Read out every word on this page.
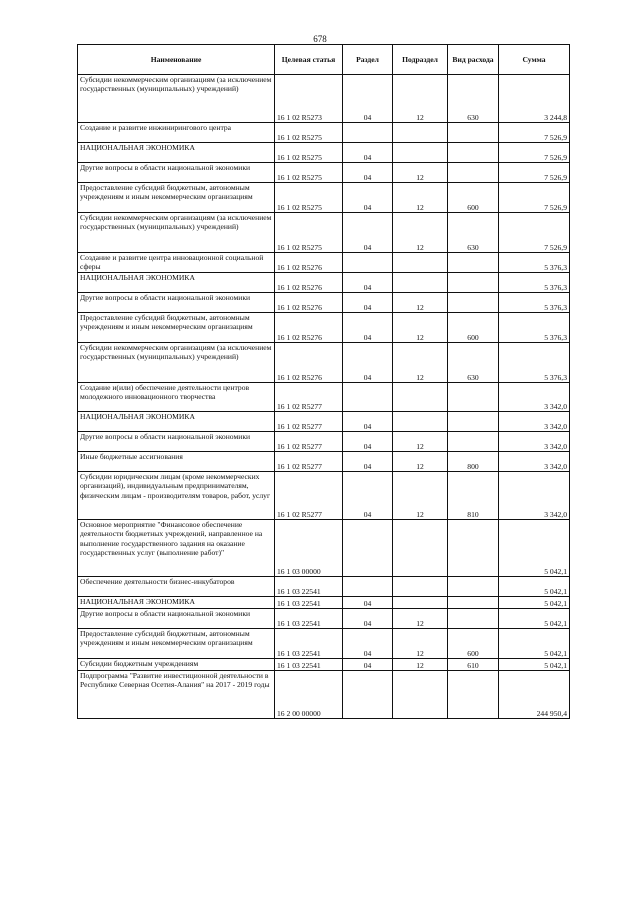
678
Наименование	Целевая статья	Раздел	Подраздел	Вид расхода	Сумма
Субсидии некоммерческим организациям (за исключением государственных (муниципальных) учреждений)	16 1 02 R5273	04	12	630	3 244,8
Создание и развитие инжинирингового центра	16 1 02 R5275				7 526,9
НАЦИОНАЛЬНАЯ ЭКОНОМИКА	16 1 02 R5275	04			7 526,9
Другие вопросы в области национальной экономики	16 1 02 R5275	04	12		7 526,9
Предоставление субсидий бюджетным, автономным учреждениям и иным некоммерческим организациям	16 1 02 R5275	04	12	600	7 526,9
Субсидии некоммерческим организациям (за исключением государственных (муниципальных) учреждений)	16 1 02 R5275	04	12	630	7 526,9
Создание и развитие центра инновационной социальной сферы	16 1 02 R5276				5 376,3
НАЦИОНАЛЬНАЯ ЭКОНОМИКА	16 1 02 R5276	04			5 376,3
Другие вопросы в области национальной экономики	16 1 02 R5276	04	12		5 376,3
Предоставление субсидий бюджетным, автономным учреждениям и иным некоммерческим организациям	16 1 02 R5276	04	12	600	5 376,3
Субсидии некоммерческим организациям (за исключением государственных (муниципальных) учреждений)	16 1 02 R5276	04	12	630	5 376,3
Создание и(или) обеспечение деятельности центров молодежного инновационного творчества	16 1 02 R5277				3 342,0
НАЦИОНАЛЬНАЯ ЭКОНОМИКА	16 1 02 R5277	04			3 342,0
Другие вопросы в области национальной экономики	16 1 02 R5277	04	12		3 342,0
Иные бюджетные ассигнования	16 1 02 R5277	04	12	800	3 342,0
Субсидии юридическим лицам (кроме некоммерческих организаций), индивидуальным предпринимателям, физическим лицам - производителям товаров, работ, услуг	16 1 02 R5277	04	12	810	3 342,0
Основное мероприятие "Финансовое обеспечение деятельности бюджетных учреждений, направленное на выполнение государственного задания на оказание государственных услуг (выполнение работ)"	16 1 03 00000				5 042,1
Обеспечение деятельности бизнес-инкубаторов	16 1 03 22541				5 042,1
НАЦИОНАЛЬНАЯ ЭКОНОМИКА	16 1 03 22541	04			5 042,1
Другие вопросы в области национальной экономики	16 1 03 22541	04	12		5 042,1
Предоставление субсидий бюджетным, автономным учреждениям и иным некоммерческим организациям	16 1 03 22541	04	12	600	5 042,1
Субсидии бюджетным учреждениям	16 1 03 22541	04	12	610	5 042,1
Подпрограмма "Развитие инвестиционной деятельности в Республике Северная Осетия-Алания" на 2017 - 2019 годы	16 2 00 00000				244 950,4
